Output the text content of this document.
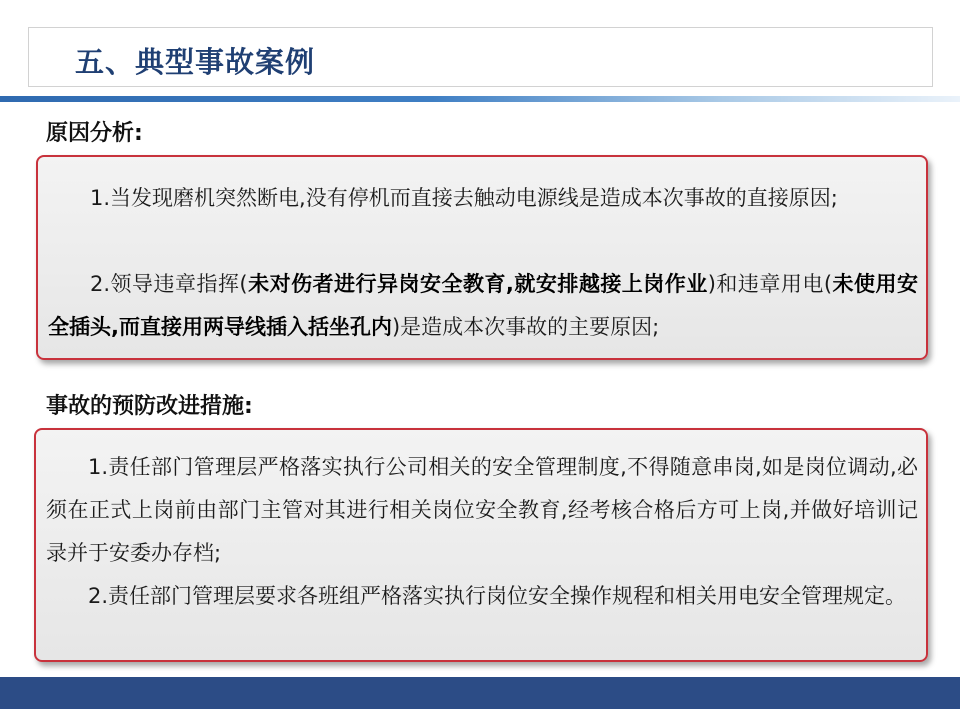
五、典型事故案例
原因分析:
1.当发现磨机突然断电,没有停机而直接去触动电源线是造成本次事故的直接原因;
2.领导违章指挥(未对伤者进行异岗安全教育,就安排越接上岗作业)和违章用电(未使用安全插头,而直接用两导线插入括坐孔内)是造成本次事故的主要原因;
事故的预防改进措施:
1.责任部门管理层严格落实执行公司相关的安全管理制度,不得随意串岗,如是岗位调动,必须在正式上岗前由部门主管对其进行相关岗位安全教育,经考核合格后方可上岗,并做好培训记录并于安委办存档;
2.责任部门管理层要求各班组严格落实执行岗位安全操作规程和相关用电安全管理规定。
